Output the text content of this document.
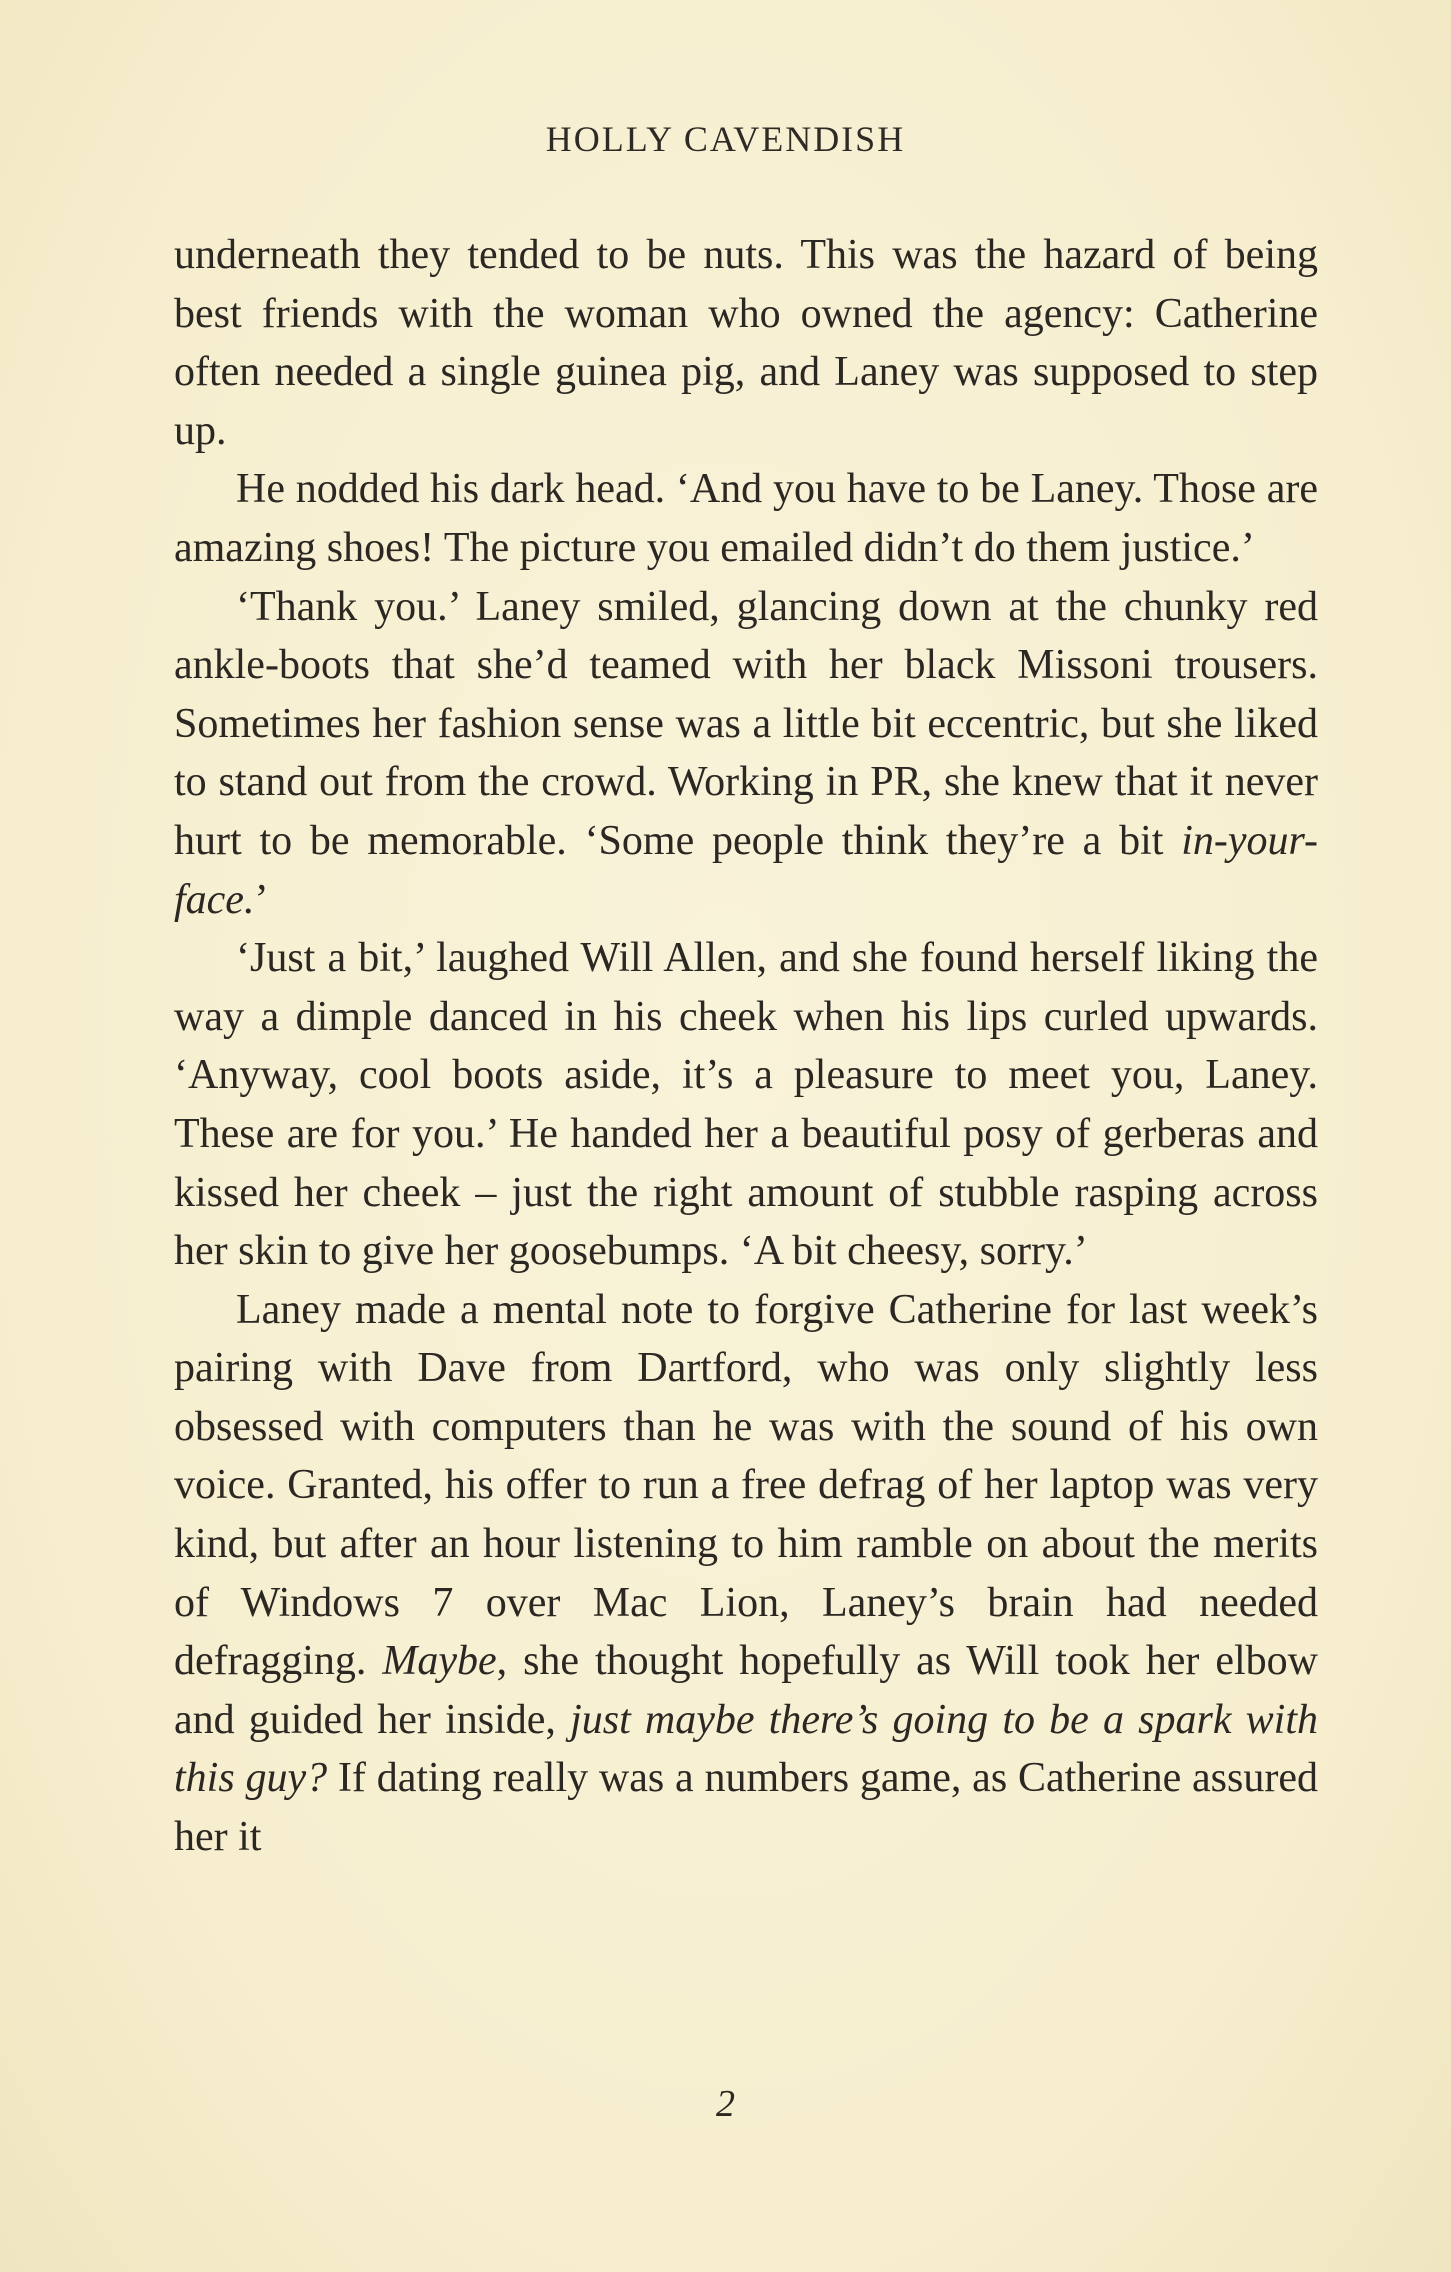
HOLLY CAVENDISH

underneath they tended to be nuts. This was the hazard of being best friends with the woman who owned the agency: Catherine often needed a single guinea pig, and Laney was supposed to step up.

He nodded his dark head. ‘And you have to be Laney. Those are amazing shoes! The picture you emailed didn’t do them justice.’

‘Thank you.’ Laney smiled, glancing down at the chunky red ankle-boots that she’d teamed with her black Missoni trousers. Sometimes her fashion sense was a little bit eccentric, but she liked to stand out from the crowd. Working in PR, she knew that it never hurt to be memorable. ‘Some people think they’re a bit in-your-face.’

‘Just a bit,’ laughed Will Allen, and she found herself liking the way a dimple danced in his cheek when his lips curled upwards. ‘Anyway, cool boots aside, it’s a pleasure to meet you, Laney. These are for you.’ He handed her a beautiful posy of gerberas and kissed her cheek – just the right amount of stubble rasping across her skin to give her goosebumps. ‘A bit cheesy, sorry.’

Laney made a mental note to forgive Catherine for last week’s pairing with Dave from Dartford, who was only slightly less obsessed with computers than he was with the sound of his own voice. Granted, his offer to run a free defrag of her laptop was very kind, but after an hour listening to him ramble on about the merits of Windows 7 over Mac Lion, Laney’s brain had needed defragging. Maybe, she thought hopefully as Will took her elbow and guided her inside, just maybe there’s going to be a spark with this guy? If dating really was a numbers game, as Catherine assured her it

2
